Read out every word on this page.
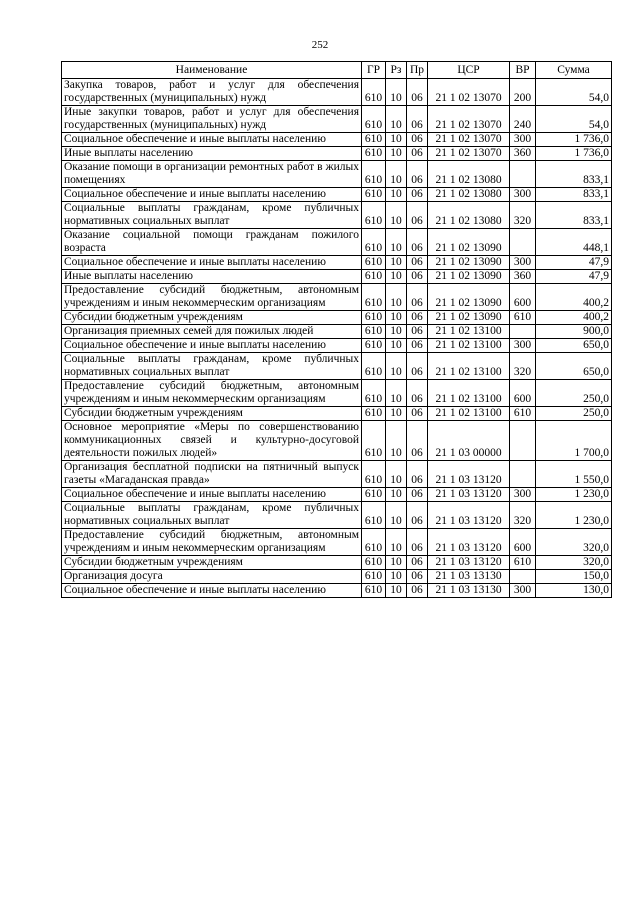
252
Наименование	ГР	Рз	Пр	ЦСР	ВР	Сумма
Закупка товаров, работ и услуг для обеспечения государственных (муниципальных) нужд	610	10	06	21 1 02 13070	200	54,0
Иные закупки товаров, работ и услуг для обеспечения государственных (муниципальных) нужд	610	10	06	21 1 02 13070	240	54,0
Социальное обеспечение и иные выплаты населению	610	10	06	21 1 02 13070	300	1 736,0
Иные выплаты населению	610	10	06	21 1 02 13070	360	1 736,0
Оказание помощи в организации ремонтных работ в жилых помещениях	610	10	06	21 1 02 13080		833,1
Социальное обеспечение и иные выплаты населению	610	10	06	21 1 02 13080	300	833,1
Социальные выплаты гражданам, кроме публичных нормативных социальных выплат	610	10	06	21 1 02 13080	320	833,1
Оказание социальной помощи гражданам пожилого возраста	610	10	06	21 1 02 13090		448,1
Социальное обеспечение и иные выплаты населению	610	10	06	21 1 02 13090	300	47,9
Иные выплаты населению	610	10	06	21 1 02 13090	360	47,9
Предоставление субсидий бюджетным, автономным учреждениям и иным некоммерческим организациям	610	10	06	21 1 02 13090	600	400,2
Субсидии бюджетным учреждениям	610	10	06	21 1 02 13090	610	400,2
Организация приемных семей для пожилых людей	610	10	06	21 1 02 13100		900,0
Социальное обеспечение и иные выплаты населению	610	10	06	21 1 02 13100	300	650,0
Социальные выплаты гражданам, кроме публичных нормативных социальных выплат	610	10	06	21 1 02 13100	320	650,0
Предоставление субсидий бюджетным, автономным учреждениям и иным некоммерческим организациям	610	10	06	21 1 02 13100	600	250,0
Субсидии бюджетным учреждениям	610	10	06	21 1 02 13100	610	250,0
Основное мероприятие «Меры по совершенствованию коммуникационных связей и культурно-досуговой деятельности пожилых людей»	610	10	06	21 1 03 00000		1 700,0
Организация бесплатной подписки на пятничный выпуск газеты «Магаданская правда»	610	10	06	21 1 03 13120		1 550,0
Социальное обеспечение и иные выплаты населению	610	10	06	21 1 03 13120	300	1 230,0
Социальные выплаты гражданам, кроме публичных нормативных социальных выплат	610	10	06	21 1 03 13120	320	1 230,0
Предоставление субсидий бюджетным, автономным учреждениям и иным некоммерческим организациям	610	10	06	21 1 03 13120	600	320,0
Субсидии бюджетным учреждениям	610	10	06	21 1 03 13120	610	320,0
Организация досуга	610	10	06	21 1 03 13130		150,0
Социальное обеспечение и иные выплаты населению	610	10	06	21 1 03 13130	300	130,0
